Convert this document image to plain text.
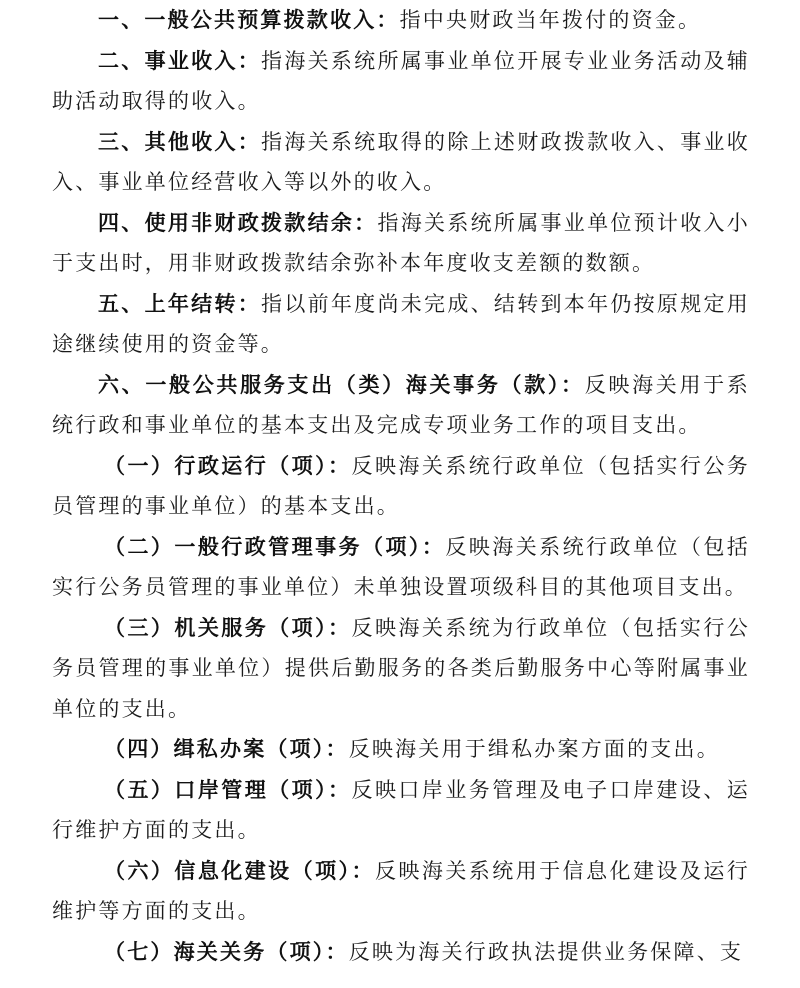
一、一般公共预算拨款收入：指中央财政当年拨付的资金。

二、事业收入：指海关系统所属事业单位开展专业业务活动及辅助活动取得的收入。

三、其他收入：指海关系统取得的除上述财政拨款收入、事业收入、事业单位经营收入等以外的收入。

四、使用非财政拨款结余：指海关系统所属事业单位预计收入小于支出时，用非财政拨款结余弥补本年度收支差额的数额。

五、上年结转：指以前年度尚未完成、结转到本年仍按原规定用途继续使用的资金等。

六、一般公共服务支出（类）海关事务（款）：反映海关用于系统行政和事业单位的基本支出及完成专项业务工作的项目支出。

（一）行政运行（项）：反映海关系统行政单位（包括实行公务员管理的事业单位）的基本支出。

（二）一般行政管理事务（项）：反映海关系统行政单位（包括实行公务员管理的事业单位）未单独设置项级科目的其他项目支出。

（三）机关服务（项）：反映海关系统为行政单位（包括实行公务员管理的事业单位）提供后勤服务的各类后勤服务中心等附属事业单位的支出。

（四）缉私办案（项）：反映海关用于缉私办案方面的支出。

（五）口岸管理（项）：反映口岸业务管理及电子口岸建设、运行维护方面的支出。

（六）信息化建设（项）：反映海关系统用于信息化建设及运行维护等方面的支出。

（七）海关关务（项）：反映为海关行政执法提供业务保障、支
